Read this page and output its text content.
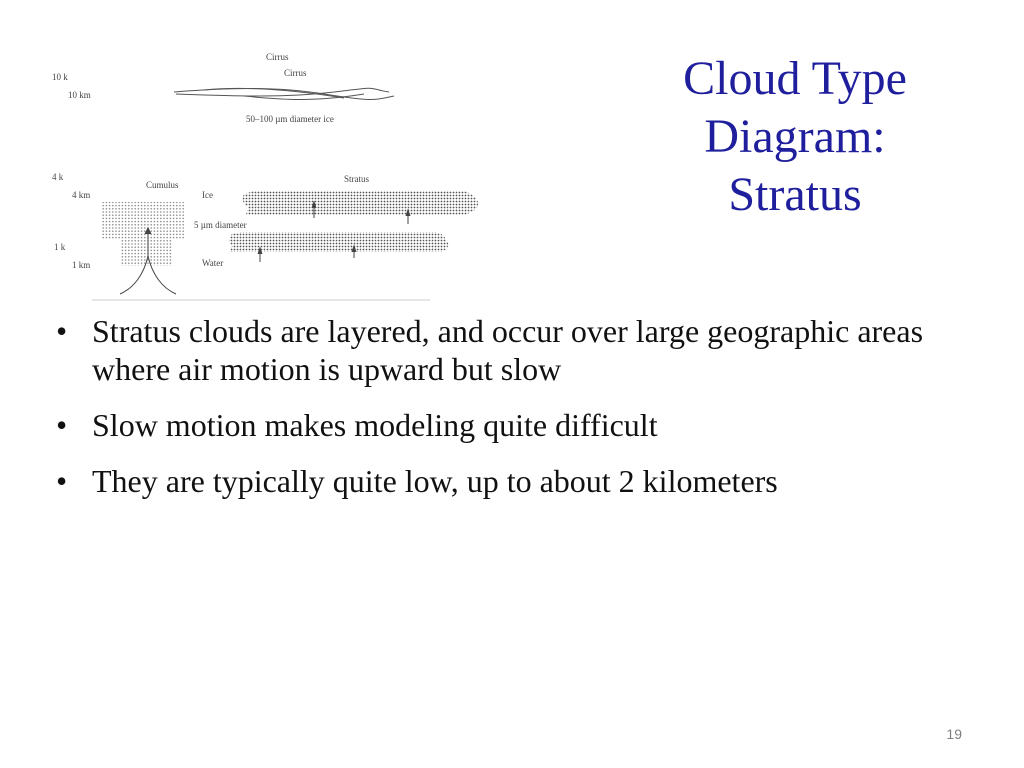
Cloud Type
Diagram:
Stratus
Cirrus
Cirrus
10 k
10 km
50–100 µm diameter ice
4 k
4 km
1 k
1 km
Cumulus
Ice
Stratus
5 µm diameter
Water
• Stratus clouds are layered, and occur over large geographic areas where air motion is upward but slow
• Slow motion makes modeling quite difficult
• They are typically quite low, up to about 2 kilometers
19
